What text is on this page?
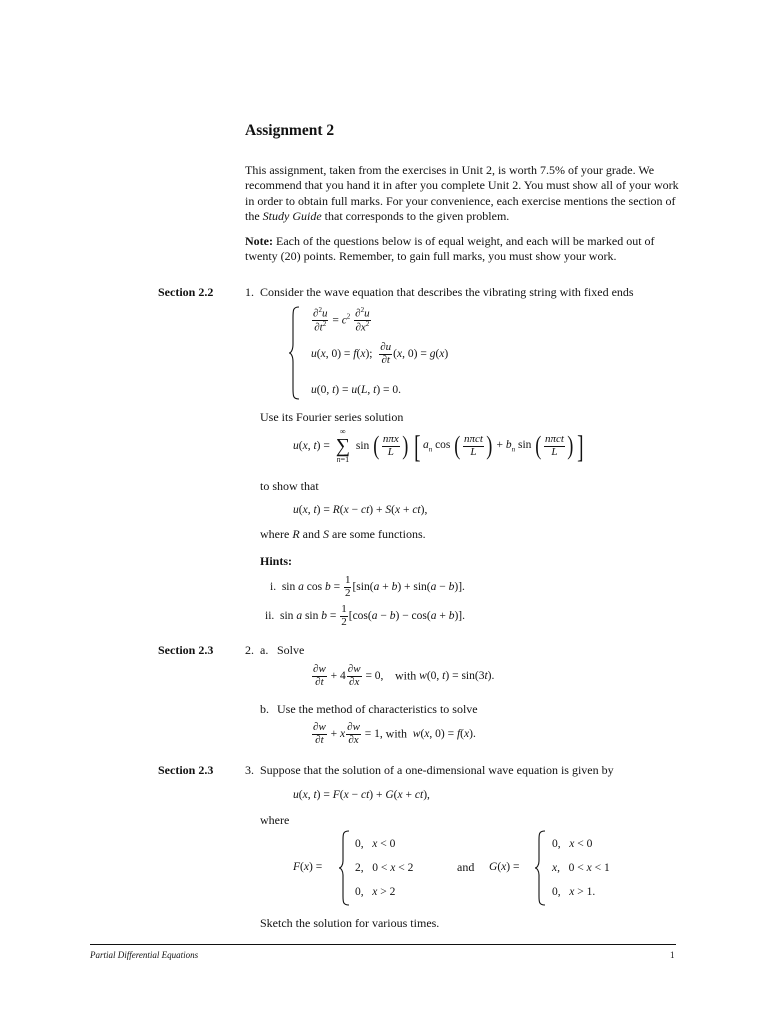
Assignment 2
This assignment, taken from the exercises in Unit 2, is worth 7.5% of your grade. We recommend that you hand it in after you complete Unit 2. You must show all of your work in order to obtain full marks. For your convenience, each exercise mentions the section of the Study Guide that corresponds to the given problem.
Note: Each of the questions below is of equal weight, and each will be marked out of twenty (20) points. Remember, to gain full marks, you must show your work.
Section 2.2	1. Consider the wave equation that describes the vibrating string with fixed ends
$\frac{\partial^2u}{\partial t^2} = c^2 \frac{\partial^2u}{\partial x^2}$
u(x, 0) = f(x); $\frac{\partial u}{\partial t} (x$, 0) = g(x)
u(0, t) = u(L, t) = 0.
Use its Fourier series solution
u(x, t) =
∞
∑
n=1
sin ( $\frac{\text{nπx}}{L}$ ) [ $a_n$ cos ( $\frac{\text{nπct}}{L}$ ) + $b_n$ sin ( $\frac{\text{nπct}}{L}$ ) ]
to show that
u(x, t) = R(x − ct) + S(x + ct),
where R and S are some functions.
Hints:
i.  sin a $\cos b = \frac{1}{2} [\sin(a + b) + \sin(a - b)]$.
ii.  sin a $\sin b = \frac{1}{2} [\cos(a - b) - \cos(a + b)]$.
Section 2.3	2. a. Solve
$\frac{\partial w}{\partial t} + 4 \frac{\partial w}{\partial x} = 0$,    with w(0, t) = sin(3t).
b. Use the method of characteristics to solve
$\frac{\partial w}{\partial t} + x \frac{\partial w}{\partial x} = 1$, with w(x, 0) = f(x).
Section 2.3	3. Suppose that the solution of a one-dimensional wave equation is given by
u(x, t) = F(x − ct) + G(x + ct),
where
F(x) =
0,   x < 0
2,   0 < x < 2
0,   x > 2
and G(x) =
0,   x < 0
x,   0 < x < 1
0,   x > 1.
Sketch the solution for various times.
Partial Differential Equations	1
